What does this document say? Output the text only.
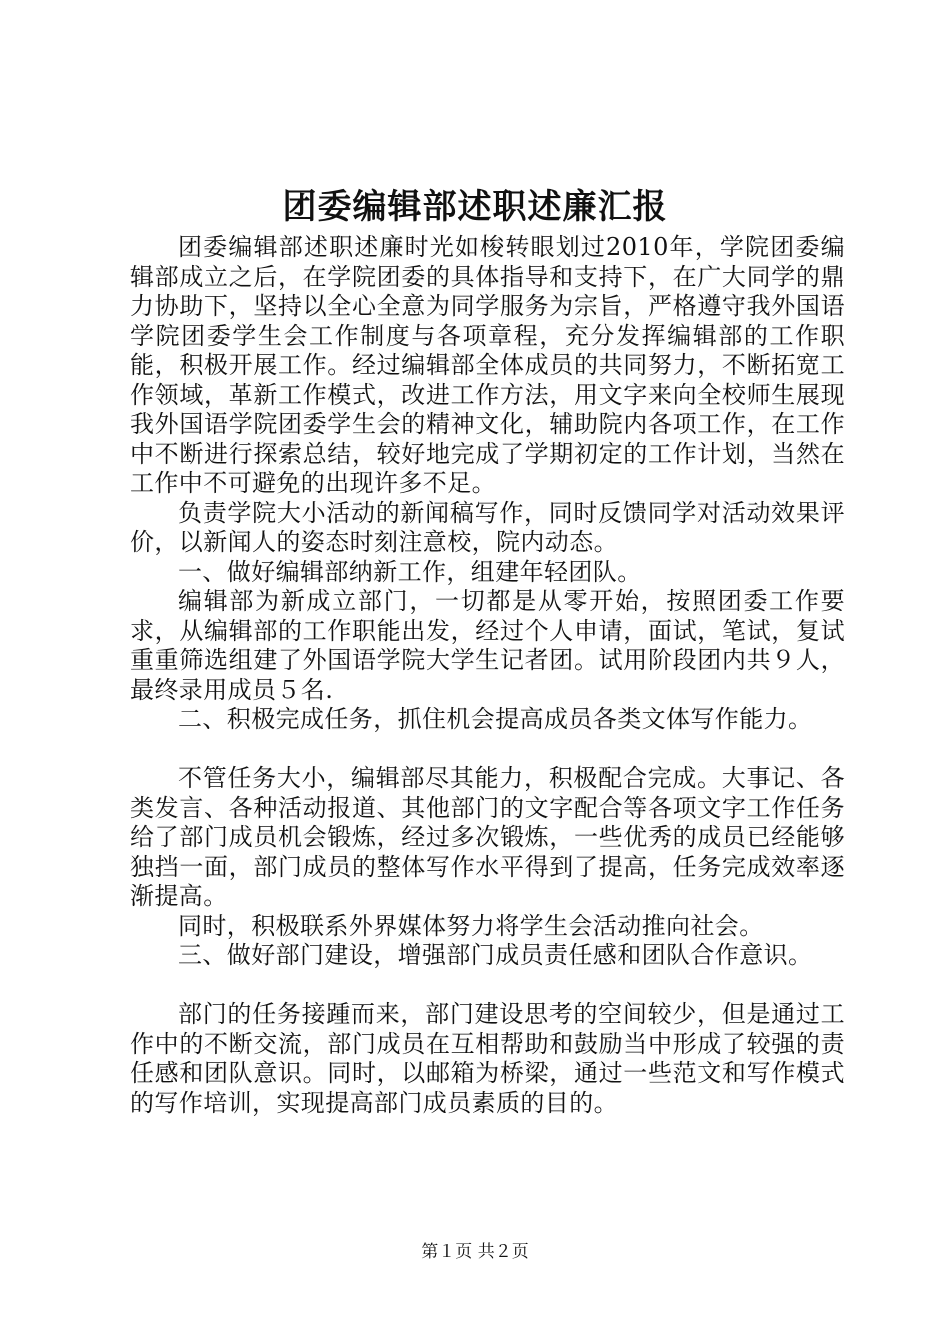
团委编辑部述职述廉汇报

团委编辑部述职述廉时光如梭转眼划过2010年，学院团委编辑部成立之后，在学院团委的具体指导和支持下，在广大同学的鼎力协助下，坚持以全心全意为同学服务为宗旨，严格遵守我外国语学院团委学生会工作制度与各项章程，充分发挥编辑部的工作职能，积极开展工作。经过编辑部全体成员的共同努力，不断拓宽工作领域，革新工作模式，改进工作方法，用文字来向全校师生展现我外国语学院团委学生会的精神文化，辅助院内各项工作，在工作中不断进行探索总结，较好地完成了学期初定的工作计划，当然在工作中不可避免的出现许多不足。

负责学院大小活动的新闻稿写作，同时反馈同学对活动效果评价，以新闻人的姿态时刻注意校，院内动态。

一、做好编辑部纳新工作，组建年轻团队。

编辑部为新成立部门，一切都是从零开始，按照团委工作要求，从编辑部的工作职能出发，经过个人申请，面试，笔试，复试重重筛选组建了外国语学院大学生记者团。试用阶段团内共９人，最终录用成员５名.

二、积极完成任务，抓住机会提高成员各类文体写作能力。

不管任务大小，编辑部尽其能力，积极配合完成。大事记、各类发言、各种活动报道、其他部门的文字配合等各项文字工作任务给了部门成员机会锻炼，经过多次锻炼，一些优秀的成员已经能够独挡一面，部门成员的整体写作水平得到了提高，任务完成效率逐渐提高。

同时，积极联系外界媒体努力将学生会活动推向社会。

三、做好部门建设，增强部门成员责任感和团队合作意识。

部门的任务接踵而来，部门建设思考的空间较少，但是通过工作中的不断交流，部门成员在互相帮助和鼓励当中形成了较强的责任感和团队意识。同时，以邮箱为桥梁，通过一些范文和写作模式的写作培训，实现提高部门成员素质的目的。

第１页 共２页
